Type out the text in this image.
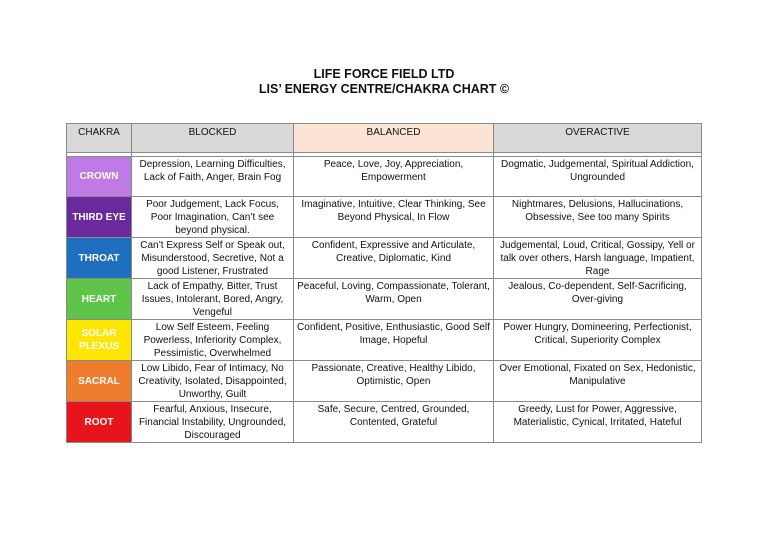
LIFE FORCE FIELD LTD
LIS’ ENERGY CENTRE/CHAKRA CHART ©
CHAKRA	BLOCKED	BALANCED	OVERACTIVE

CROWN	Depression, Learning Difficulties, Lack of Faith, Anger, Brain Fog	Peace, Love, Joy, Appreciation, Empowerment	Dogmatic, Judgemental, Spiritual Addiction, Ungrounded
THIRD EYE	Poor Judgement, Lack Focus, Poor Imagination, Can’t see beyond physical.	Imaginative, Intuitive, Clear Thinking, See Beyond Physical, In Flow	Nightmares, Delusions, Hallucinations, Obsessive, See too many Spirits
THROAT	Can’t Express Self or Speak out, Misunderstood, Secretive, Not a good Listener, Frustrated	Confident, Expressive and Articulate, Creative, Diplomatic, Kind	Judgemental, Loud, Critical, Gossipy, Yell or talk over others, Harsh language, Impatient, Rage
HEART	Lack of Empathy, Bitter, Trust Issues, Intolerant, Bored, Angry, Vengeful	Peaceful, Loving, Compassionate, Tolerant, Warm, Open	Jealous, Co-dependent, Self-Sacrificing, Over-giving
SOLAR PLEXUS	Low Self Esteem, Feeling Powerless, Inferiority Complex, Pessimistic, Overwhelmed	Confident, Positive, Enthusiastic, Good Self Image, Hopeful	Power Hungry, Domineering, Perfectionist, Critical, Superiority Complex
SACRAL	Low Libido, Fear of Intimacy, No Creativity, Isolated, Disappointed, Unworthy, Guilt	Passionate, Creative, Healthy Libido, Optimistic, Open	Over Emotional, Fixated on Sex, Hedonistic, Manipulative
ROOT	Fearful, Anxious, Insecure, Financial Instability, Ungrounded, Discouraged	Safe, Secure, Centred, Grounded, Contented, Grateful	Greedy, Lust for Power, Aggressive, Materialistic, Cynical, Irritated, Hateful
